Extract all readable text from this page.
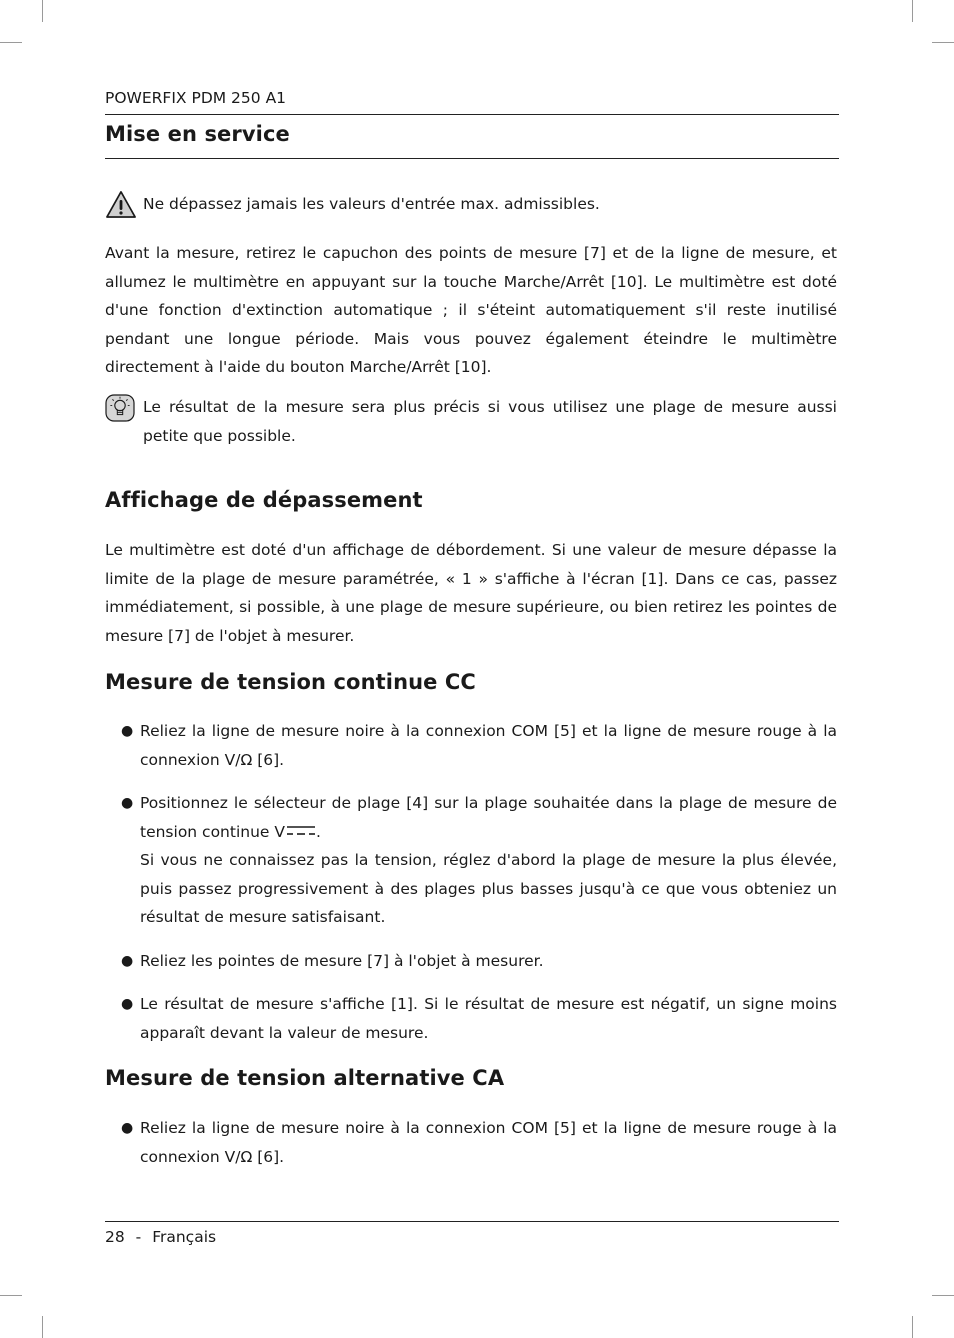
POWERFIX PDM 250 A1
Mise en service
Ne dépassez jamais les valeurs d'entrée max. admissibles.

Avant la mesure, retirez le capuchon des points de mesure [7] et de la ligne de mesure, et allumez le multimètre en appuyant sur la touche Marche/Arrêt [10]. Le multimètre est doté d'une fonction d'extinction automatique ; il s'éteint automatiquement s'il reste inutilisé pendant une longue période. Mais vous pouvez également éteindre le multimètre directement à l'aide du bouton Marche/Arrêt [10].

Le résultat de la mesure sera plus précis si vous utilisez une plage de mesure aussi petite que possible.
Affichage de dépassement

Le multimètre est doté d'un affichage de débordement. Si une valeur de mesure dépasse la limite de la plage de mesure paramétrée, « 1 » s'affiche à l'écran [1]. Dans ce cas, passez immédiatement, si possible, à une plage de mesure supérieure, ou bien retirez les pointes de mesure [7] de l'objet à mesurer.

Mesure de tension continue CC
● Reliez la ligne de mesure noire à la connexion COM [5] et la ligne de mesure rouge à la connexion V/Ω [6].
● Positionnez le sélecteur de plage [4] sur la plage souhaitée dans la plage de mesure de tension continue V .
Si vous ne connaissez pas la tension, réglez d'abord la plage de mesure la plus élevée, puis passez progressivement à des plages plus basses jusqu'à ce que vous obteniez un résultat de mesure satisfaisant.
● Reliez les pointes de mesure [7] à l'objet à mesurer.
● Le résultat de mesure s'affiche [1]. Si le résultat de mesure est négatif, un signe moins apparaît devant la valeur de mesure.
Mesure de tension alternative CA
● Reliez la ligne de mesure noire à la connexion COM [5] et la ligne de mesure rouge à la connexion V/Ω [6].
28 - Français
